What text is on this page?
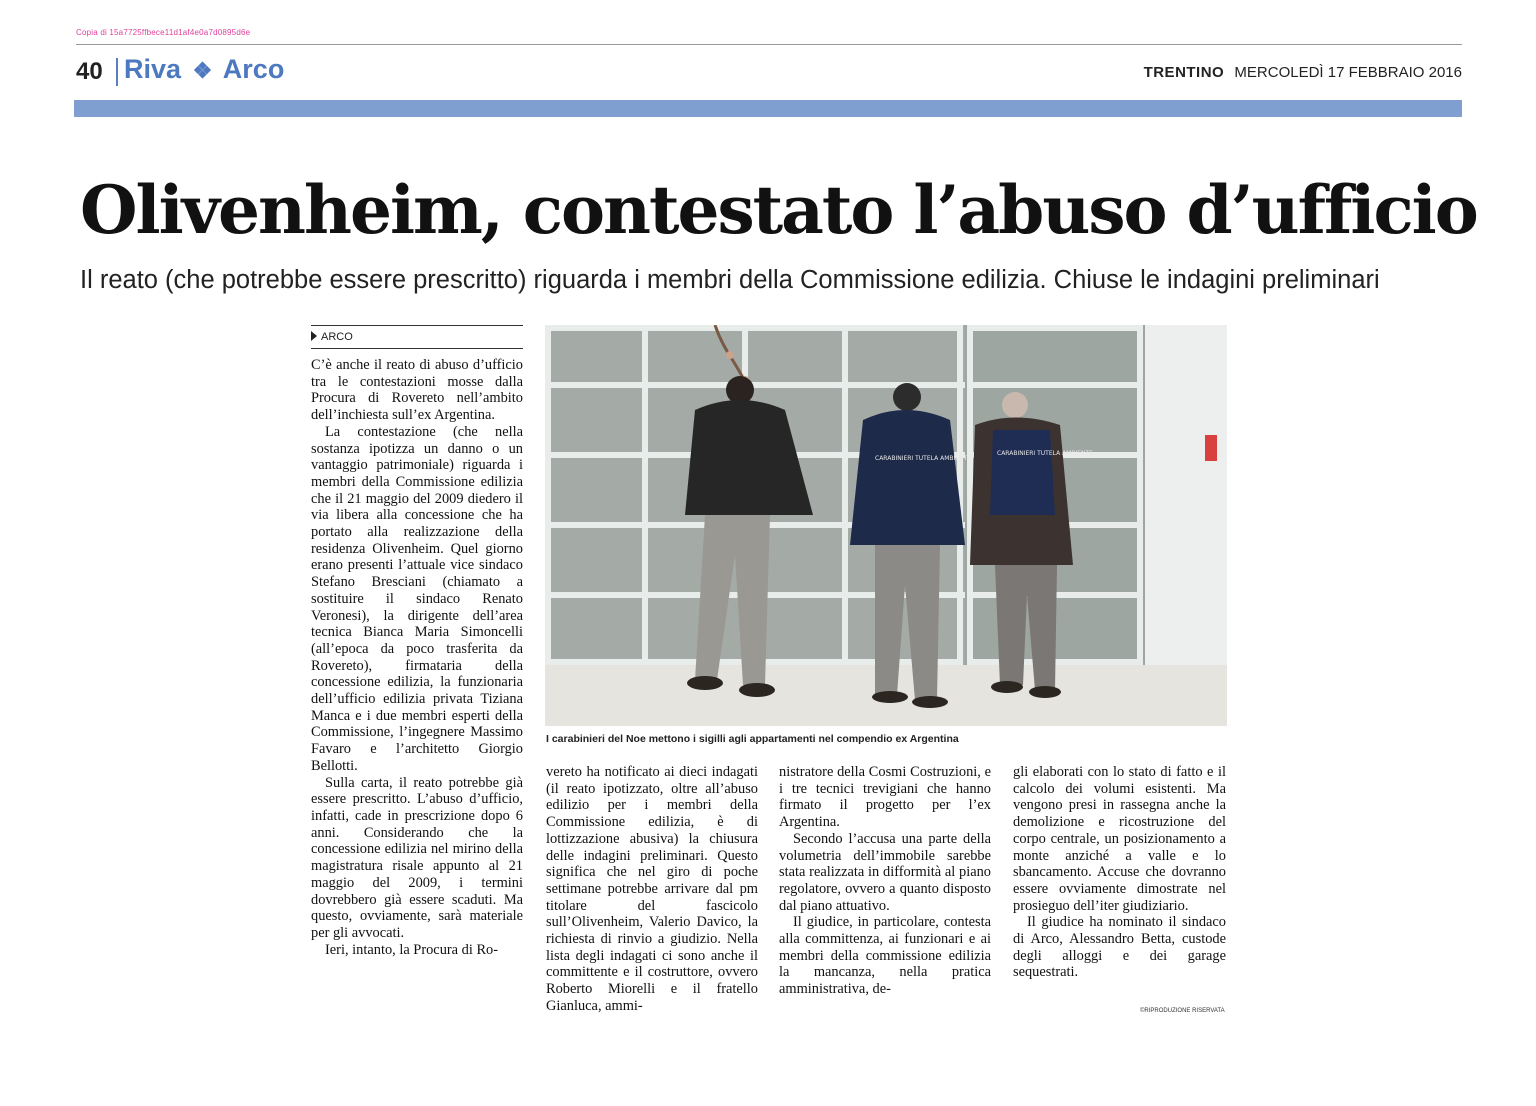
Copia di 15a7725ffbece11d1af4e0a7d0895d6e
40 Riva ❖ Arco	TRENTINO MERCOLEDÌ 17 FEBBRAIO 2016
Olivenheim, contestato l’abuso d’ufficio
Il reato (che potrebbe essere prescritto) riguarda i membri della Commissione edilizia. Chiuse le indagini preliminari
ARCO

C’è anche il reato di abuso d’ufficio tra le contestazioni mosse dalla Procura di Rovereto nell’ambito dell’inchiesta sull’ex Argentina.

La contestazione (che nella sostanza ipotizza un danno o un vantaggio patrimoniale) riguarda i membri della Commissione edilizia che il 21 maggio del 2009 diedero il via libera alla concessione che ha portato alla realizzazione della residenza Olivenheim. Quel giorno erano presenti l’attuale vice sindaco Stefano Bresciani (chiamato a sostituire il sindaco Renato Veronesi), la dirigente dell’area tecnica Bianca Maria Simoncelli (all’epoca da poco trasferita da Rovereto), firmataria della concessione edilizia, la funzionaria dell’ufficio edilizia privata Tiziana Manca e i due membri esperti della Commissione, l’ingegnere Massimo Favaro e l’architetto Giorgio Bellotti.

Sulla carta, il reato potrebbe già essere prescritto. L’abuso d’ufficio, infatti, cade in prescrizione dopo 6 anni. Considerando che la concessione edilizia nel mirino della magistratura risale appunto al 21 maggio del 2009, i termini dovrebbero già essere scaduti. Ma questo, ovviamente, sarà materiale per gli avvocati.

Ieri, intanto, la Procura di Ro-

CARABINIERI TUTELA AMBIENTE
CARABINIERI TUTELA AMBIENTE
I carabinieri del Noe mettono i sigilli agli appartamenti nel compendio ex Argentina

vereto ha notificato ai dieci indagati (il reato ipotizzato, oltre all’abuso edilizio per i membri della Commissione edilizia, è di lottizzazione abusiva) la chiusura delle indagini preliminari. Questo significa che nel giro di poche settimane potrebbe arrivare dal pm titolare del fascicolo sull’Olivenheim, Valerio Davico, la richiesta di rinvio a giudizio. Nella lista degli indagati ci sono anche il committente e il costruttore, ovvero Roberto Miorelli e il fratello Gianluca, ammi-

nistratore della Cosmi Costruzioni, e i tre tecnici trevigiani che hanno firmato il progetto per l’ex Argentina.

Secondo l’accusa una parte della volumetria dell’immobile sarebbe stata realizzata in difformità al piano regolatore, ovvero a quanto disposto dal piano attuativo.

Il giudice, in particolare, contesta alla committenza, ai funzionari e ai membri della commissione edilizia la mancanza, nella pratica amministrativa, de-

gli elaborati con lo stato di fatto e il calcolo dei volumi esistenti. Ma vengono presi in rassegna anche la demolizione e ricostruzione del corpo centrale, un posizionamento a monte anziché a valle e lo sbancamento. Accuse che dovranno essere ovviamente dimostrate nel prosieguo dell’iter giudiziario.

Il giudice ha nominato il sindaco di Arco, Alessandro Betta, custode degli alloggi e dei garage sequestrati.

©RIPRODUZIONE RISERVATA
